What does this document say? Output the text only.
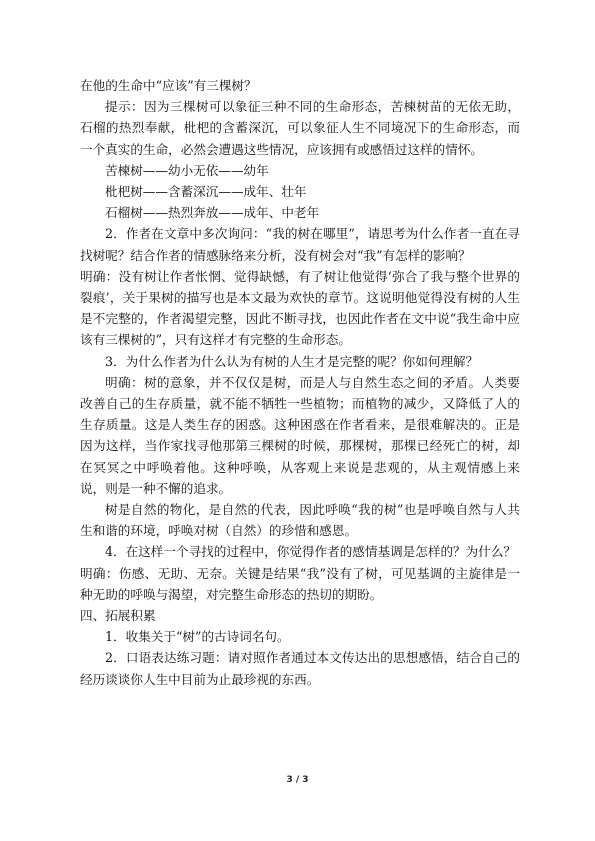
在他的生命中“应该”有三棵树？

提示：因为三棵树可以象征三种不同的生命形态，苦楝树苗的无依无助，石榴的热烈奉献，枇杷的含蓄深沉，可以象征人生不同境况下的生命形态，而一个真实的生命，必然会遭遇这些情况，应该拥有或感悟过这样的情怀。

苦楝树——幼小无依——幼年

枇杷树——含蓄深沉——成年、壮年

石榴树——热烈奔放——成年、中老年

2．作者在文章中多次询问：“我的树在哪里”，请思考为什么作者一直在寻找树呢？结合作者的情感脉络来分析，没有树会对“我”有怎样的影响？

明确：没有树让作者怅惘、觉得缺憾，有了树让他觉得‘弥合了我与整个世界的裂痕’，关于果树的描写也是本文最为欢快的章节。这说明他觉得没有树的人生是不完整的，作者渴望完整，因此不断寻找，也因此作者在文中说“我生命中应该有三棵树的”，只有这样才有完整的生命形态。

3．为什么作者为什么认为有树的人生才是完整的呢？你如何理解？

明确：树的意象，并不仅仅是树，而是人与自然生态之间的矛盾。人类要改善自己的生存质量，就不能不牺牲一些植物；而植物的减少，又降低了人的生存质量。这是人类生存的困惑。这种困惑在作者看来，是很难解决的。正是因为这样，当作家找寻他那第三棵树的时候，那棵树，那棵已经死亡的树，却在冥冥之中呼唤着他。这种呼唤，从客观上来说是悲观的，从主观情感上来说，则是一种不懈的追求。

树是自然的物化，是自然的代表，因此呼唤“我的树”也是呼唤自然与人共生和谐的环境，呼唤对树（自然）的珍惜和感恩。

4．在这样一个寻找的过程中，你觉得作者的感情基调是怎样的？为什么？

明确：伤感、无助、无奈。关键是结果“我”没有了树，可见基调的主旋律是一种无助的呼唤与渴望，对完整生命形态的热切的期盼。

四、拓展积累

1．收集关于“树”的古诗词名句。

2．口语表达练习题：请对照作者通过本文传达出的思想感悟，结合自己的经历谈谈你人生中目前为止最珍视的东西。

3 / 3
